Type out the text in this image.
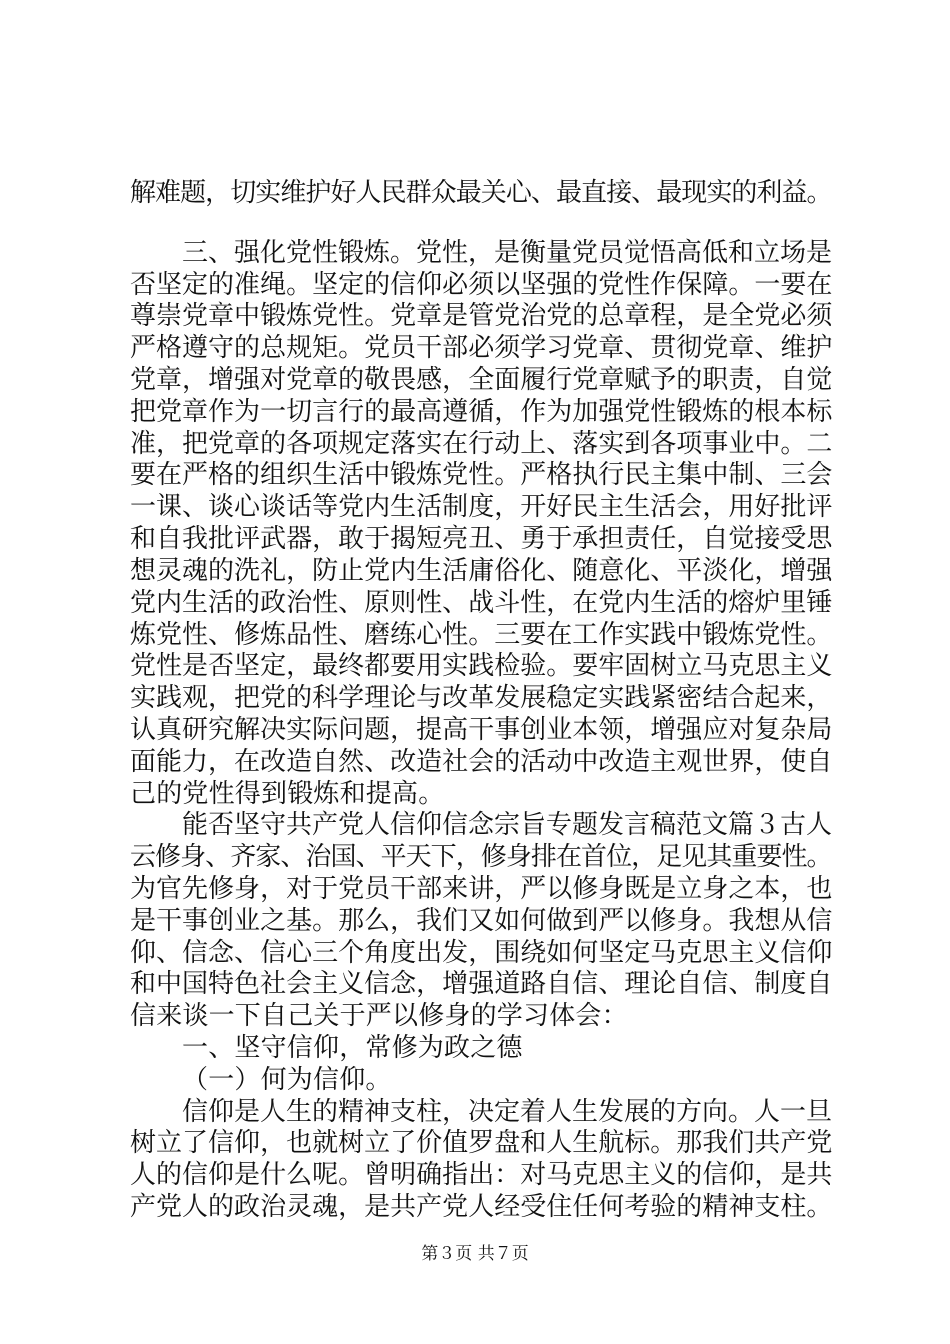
解难题，切实维护好人民群众最关心、最直接、最现实的利益。
三、强化党性锻炼。党性，是衡量党员觉悟高低和立场是
否坚定的准绳。坚定的信仰必须以坚强的党性作保障。一要在
尊崇党章中锻炼党性。党章是管党治党的总章程，是全党必须
严格遵守的总规矩。党员干部必须学习党章、贯彻党章、维护
党章，增强对党章的敬畏感，全面履行党章赋予的职责，自觉
把党章作为一切言行的最高遵循，作为加强党性锻炼的根本标
准，把党章的各项规定落实在行动上、落实到各项事业中。二
要在严格的组织生活中锻炼党性。严格执行民主集中制、三会
一课、谈心谈话等党内生活制度，开好民主生活会，用好批评
和自我批评武器，敢于揭短亮丑、勇于承担责任，自觉接受思
想灵魂的洗礼，防止党内生活庸俗化、随意化、平淡化，增强
党内生活的政治性、原则性、战斗性，在党内生活的熔炉里锤
炼党性、修炼品性、磨练心性。三要在工作实践中锻炼党性。
党性是否坚定，最终都要用实践检验。要牢固树立马克思主义
实践观，把党的科学理论与改革发展稳定实践紧密结合起来，
认真研究解决实际问题，提高干事创业本领，增强应对复杂局
面能力，在改造自然、改造社会的活动中改造主观世界，使自
己的党性得到锻炼和提高。
能否坚守共产党人信仰信念宗旨专题发言稿范文篇３古人
云修身、齐家、治国、平天下，修身排在首位，足见其重要性。
为官先修身，对于党员干部来讲，严以修身既是立身之本，也
是干事创业之基。那么，我们又如何做到严以修身。我想从信
仰、信念、信心三个角度出发，围绕如何坚定马克思主义信仰
和中国特色社会主义信念，增强道路自信、理论自信、制度自
信来谈一下自己关于严以修身的学习体会：
一、坚守信仰，常修为政之德
（一）何为信仰。
信仰是人生的精神支柱，决定着人生发展的方向。人一旦
树立了信仰，也就树立了价值罗盘和人生航标。那我们共产党
人的信仰是什么呢。曾明确指出：对马克思主义的信仰，是共
产党人的政治灵魂，是共产党人经受住任何考验的精神支柱。
第３页 共７页
